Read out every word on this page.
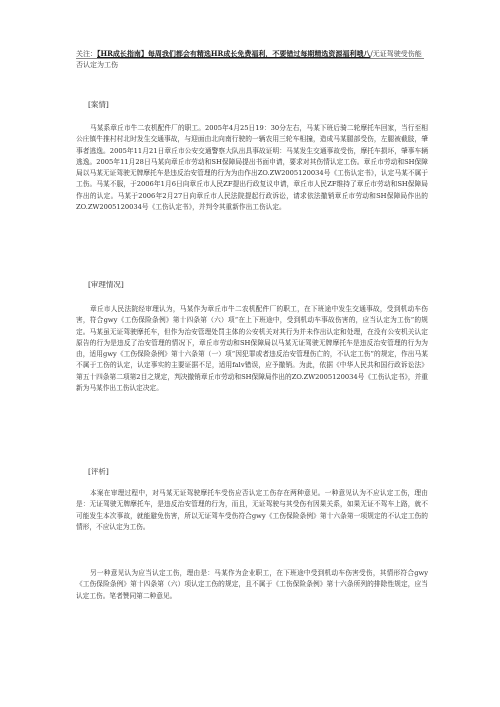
关注：【HR成长指南】每周我们都会有精选HR成长免费福利，不要错过每期精选资源福利哦八/无证驾驶受伤能否认定为工伤
[案情]

马某系章丘市牛二农机配件厂的职工。2005年4月25日19：30分左右，马某下班后骑二轮摩托车回家，当行至相公庄镇牛推村村北时发生交通事故，与迎面由北向南行驶的一辆农用三轮车相撞，造成马某腿部受伤，左腿被截肢，肇事者逃逸。2005年11月21日章丘市公安交通警察大队出具事故证明：马某发生交通事故受伤，摩托车损坏，肇事车辆逃逸。2005年11月28日马某向章丘市劳动和SH保障局提出书面申请，要求对其伤情认定工伤。章丘市劳动和SH保障局以马某无证驾驶无牌摩托车是违反治安管理的行为为由作出ZO.ZW2005120034号《工伤认定书》，认定马某不属于工伤。马某不服，于2006年1月6日向章丘市人民ZF提出行政复议申请，章丘市人民ZF维持了章丘市劳动和SH保障局作出的认定。马某于2006年2月27日向章丘市人民法院提起行政诉讼，请求依法撤销章丘市劳动和SH保障局作出的ZO.ZW2005120034号《工伤认定书》，并判令其重新作出工伤认定。

[审理情况]

章丘市人民法院经审理认为，马某作为章丘市牛二农机配件厂的职工，在下班途中发生交通事故，受到机动车伤害，符合gwy《工伤保险条例》第十四条第（六）项“在上下班途中，受到机动车事故伤害的，应当认定为工伤”的规定。马某虽无证驾驶摩托车，但作为治安管理处罚主体的公安机关对其行为并未作出认定和处理，在没有公安机关认定原告的行为是违反了治安管理的情况下，章丘市劳动和SH保障局以马某无证驾驶无牌摩托车是违反治安管理的行为为由，适用gwy《工伤保险条例》第十六条第（一）项“因犯罪或者违反治安管理伤亡的，不认定工伤”的规定，作出马某不属于工伤的认定，认定事实的主要证据不足，适用falv错误，应予撤销。为此，依据《中华人民共和国行政诉讼法》第五十四条第二项第2目之规定，判决撤销章丘市劳动和SH保障局作出的ZO.ZW2005120034号《工伤认定书》，并重新为马某作出工伤认定决定。

[评析]

本案在审理过程中，对马某无证驾驶摩托车受伤应否认定工伤存在两种意见。一种意见认为不应认定工伤，理由是：无证驾驶无牌摩托车，是违反治安管理的行为，而且，无证驾驶与其受伤有因果关系，如果无证不驾车上路，就不可能发生本次事故，就能避免伤害，所以无证驾车受伤符合gwy《工伤保险条例》第十六条第一项规定的不认定工伤的情形，不应认定为工伤。

另一种意见认为应当认定工伤，理由是：马某作为企业职工，在下班途中受到机动车伤害受伤，其情形符合gwy《工伤保险条例》第十四条第（六）项认定工伤的规定，且不属于《工伤保险条例》第十六条所列的排除性规定，应当认定工伤。笔者赞同第二种意见。
